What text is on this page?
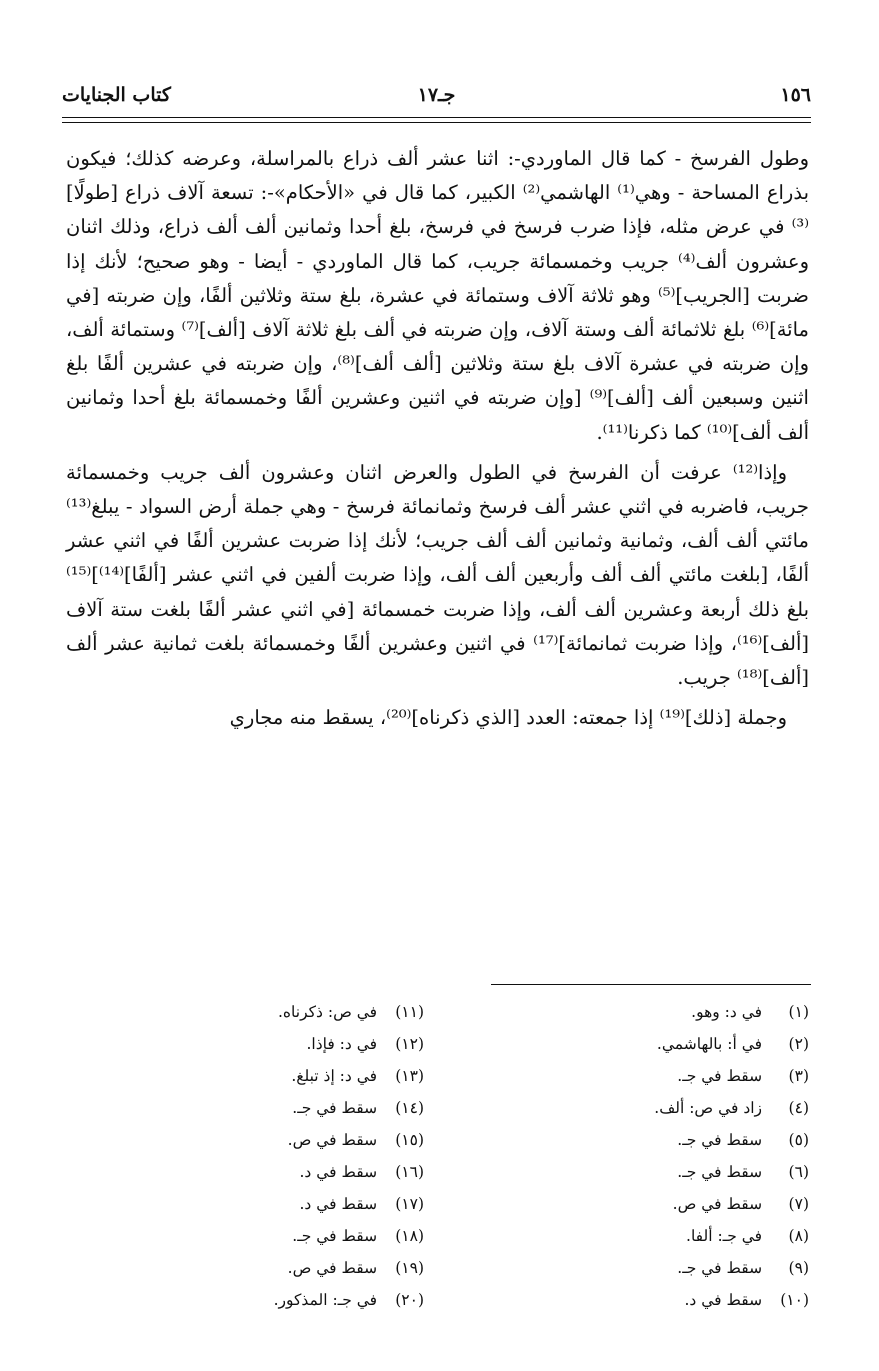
١٥٦
جـ١٧
كتاب الجنايات

وطول الفرسخ - كما قال الماوردي-: اثنا عشر ألف ذراع بالمراسلة، وعرضه كذلك؛ فيكون بذراع المساحة - وهي⁽¹⁾ الهاشمي⁽²⁾ الكبير، كما قال في «الأحكام»-: تسعة آلاف ذراع [طولًا]⁽³⁾ في عرض مثله، فإذا ضرب فرسخ في فرسخ، بلغ أحدا وثمانين ألف ألف ذراع، وذلك اثنان وعشرون ألف⁽⁴⁾ جريب وخمسمائة جريب، كما قال الماوردي - أيضا - وهو صحيح؛ لأنك إذا ضربت [الجريب]⁽⁵⁾ وهو ثلاثة آلاف وستمائة في عشرة، بلغ ستة وثلاثين ألفًا، وإن ضربته [في مائة]⁽⁶⁾ بلغ ثلاثمائة ألف وستة آلاف، وإن ضربته في ألف بلغ ثلاثة آلاف [ألف]⁽⁷⁾ وستمائة ألف، وإن ضربته في عشرة آلاف بلغ ستة وثلاثين [ألف ألف]⁽⁸⁾، وإن ضربته في عشرين ألفًا بلغ اثنين وسبعين ألف [ألف]⁽⁹⁾ [وإن ضربته في اثنين وعشرين ألفًا وخمسمائة بلغ أحدا وثمانين ألف ألف]⁽¹⁰⁾ كما ذكرنا⁽¹¹⁾.

وإذا⁽¹²⁾ عرفت أن الفرسخ في الطول والعرض اثنان وعشرون ألف جريب وخمسمائة جريب، فاضربه في اثني عشر ألف فرسخ وثمانمائة فرسخ - وهي جملة أرض السواد - يبلغ⁽¹³⁾ مائتي ألف ألف، وثمانية وثمانين ألف ألف جريب؛ لأنك إذا ضربت عشرين ألفًا في اثني عشر ألفًا، [بلغت مائتي ألف ألف وأربعين ألف ألف، وإذا ضربت ألفين في اثني عشر [ألفًا]⁽¹⁴⁾]⁽¹⁵⁾ بلغ ذلك أربعة وعشرين ألف ألف، وإذا ضربت خمسمائة [في اثني عشر ألفًا بلغت ستة آلاف [ألف]⁽¹⁶⁾، وإذا ضربت ثمانمائة]⁽¹⁷⁾ في اثنين وعشرين ألفًا وخمسمائة بلغت ثمانية عشر ألف [ألف]⁽¹⁸⁾ جريب.

وجملة [ذلك]⁽¹⁹⁾ إذا جمعته: العدد [الذي ذكرناه]⁽²⁰⁾، يسقط منه مجاري

(١) في د: وهو.
(٢) في أ: بالهاشمي.
(٣) سقط في جـ.
(٤) زاد في ص: ألف.
(٥) سقط في جـ.
(٦) سقط في جـ.
(٧) سقط في ص.
(٨) في جـ: ألفا.
(٩) سقط في جـ.
(١٠) سقط في د.
(١١) في ص: ذكرناه.
(١٢) في د: فإذا.
(١٣) في د: إذ تبلغ.
(١٤) سقط في جـ.
(١٥) سقط في ص.
(١٦) سقط في د.
(١٧) سقط في د.
(١٨) سقط في جـ.
(١٩) سقط في ص.
(٢٠) في جـ: المذكور.
